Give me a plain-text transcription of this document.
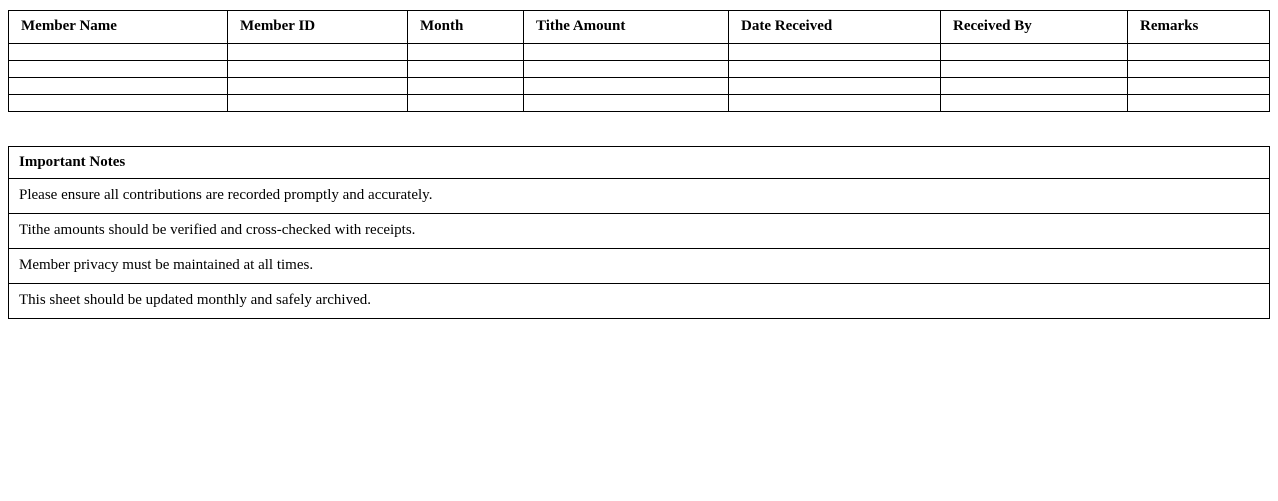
Member Name	Member ID	Month	Tithe Amount	Date Received	Received By	Remarks

Important Notes
Please ensure all contributions are recorded promptly and accurately.
Tithe amounts should be verified and cross-checked with receipts.
Member privacy must be maintained at all times.
This sheet should be updated monthly and safely archived.
